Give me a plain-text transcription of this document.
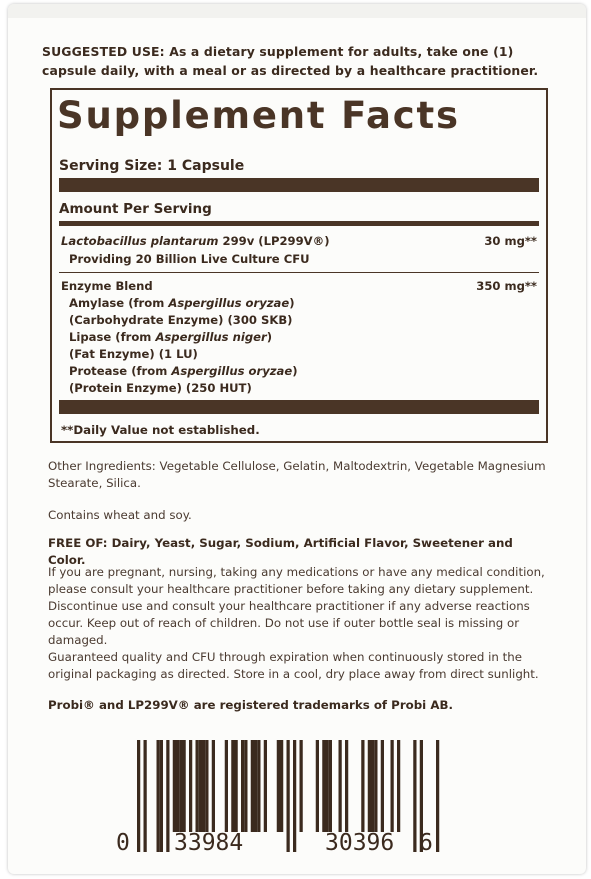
SUGGESTED USE: As a dietary supplement for adults, take one (1) capsule daily, with a meal or as directed by a healthcare practitioner.
Supplement Facts
Serving Size: 1 Capsule
Amount Per Serving
Lactobacillus plantarum 299v (LP299V®)	30 mg**
Providing 20 Billion Live Culture CFU
Enzyme Blend	350 mg**
Amylase (from Aspergillus oryzae)
(Carbohydrate Enzyme) (300 SKB)
Lipase (from Aspergillus niger)
(Fat Enzyme) (1 LU)
Protease (from Aspergillus oryzae)
(Protein Enzyme) (250 HUT)
**Daily Value not established.
Other Ingredients: Vegetable Cellulose, Gelatin, Maltodextrin, Vegetable Magnesium Stearate, Silica.
Contains wheat and soy.
FREE OF: Dairy, Yeast, Sugar, Sodium, Artificial Flavor, Sweetener and Color.
If you are pregnant, nursing, taking any medications or have any medical condition, please consult your healthcare practitioner before taking any dietary supplement. Discontinue use and consult your healthcare practitioner if any adverse reactions occur. Keep out of reach of children. Do not use if outer bottle seal is missing or damaged.
Guaranteed quality and CFU through expiration when continuously stored in the original packaging as directed. Store in a cool, dry place away from direct sunlight.
Probi® and LP299V® are registered trademarks of Probi AB.
0 33984	30396 6
